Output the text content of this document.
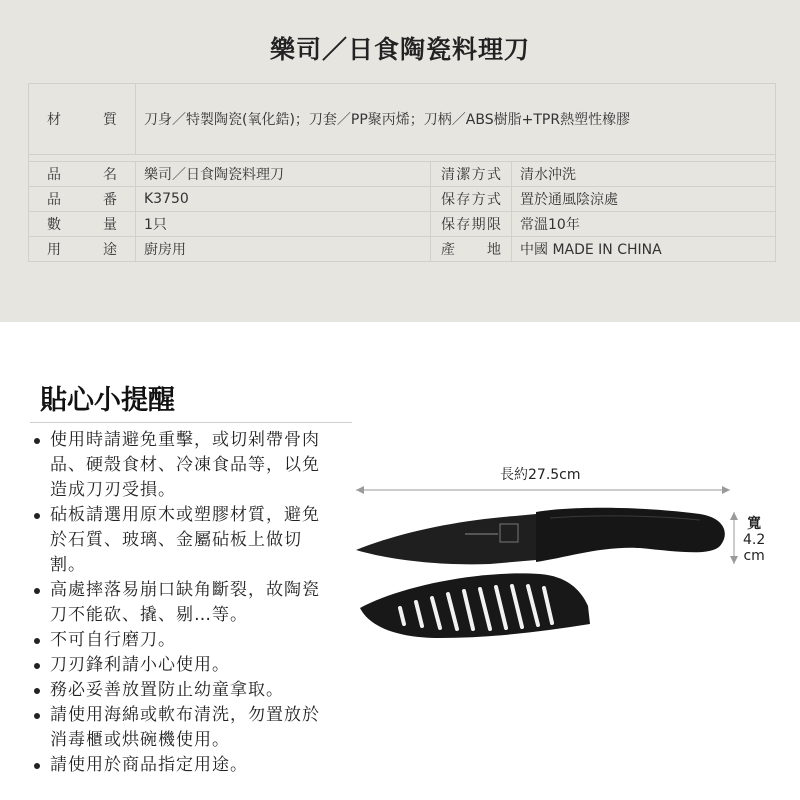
樂司／日食陶瓷料理刀
材　質	刀身／特製陶瓷(氧化鋯)；刀套／PP聚丙烯；刀柄／ABS樹脂+TPR熱塑性橡膠		

品　名	樂司／日食陶瓷料理刀	清潔方式	清水沖洗
品　番	K3750	保存方式	置於通風陰涼處
數　量	1只	保存期限	常溫10年
用　途	廚房用	產　地	中國 MADE IN CHINA
貼心小提醒
使用時請避免重擊，或切剁帶骨肉品、硬殼食材、冷凍食品等，以免造成刀刃受損。
砧板請選用原木或塑膠材質，避免於石質、玻璃、金屬砧板上做切割。
高處摔落易崩口缺角斷裂，故陶瓷刀不能砍、撬、剔…等。
不可自行磨刀。
刀刃鋒利請小心使用。
務必妥善放置防止幼童拿取。
請使用海綿或軟布清洗，勿置放於消毒櫃或烘碗機使用。
請使用於商品指定用途。
長約27.5cm
寬
4.2
cm
